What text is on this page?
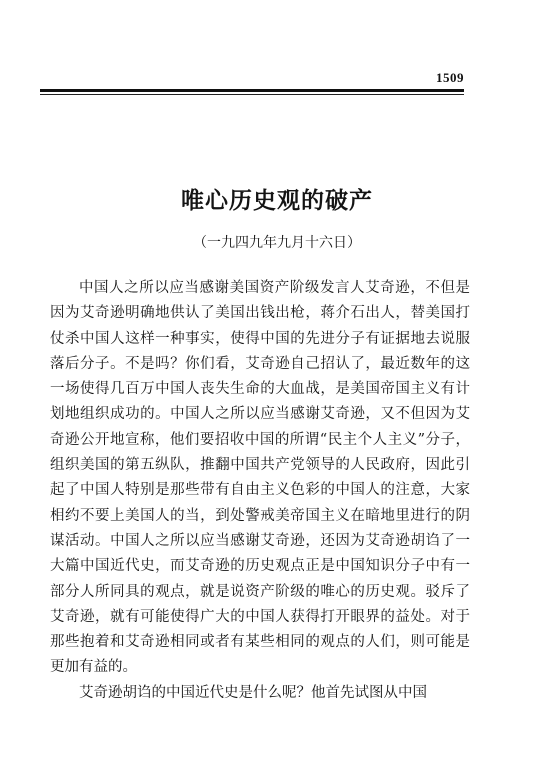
1509
唯心历史观的破产
（一九四九年九月十六日）

中国人之所以应当感谢美国资产阶级发言人艾奇逊，不但是因为艾奇逊明确地供认了美国出钱出枪，蒋介石出人，替美国打仗杀中国人这样一种事实，使得中国的先进分子有证据地去说服落后分子。不是吗？你们看，艾奇逊自己招认了，最近数年的这一场使得几百万中国人丧失生命的大血战，是美国帝国主义有计划地组织成功的。中国人之所以应当感谢艾奇逊，又不但因为艾奇逊公开地宣称，他们要招收中国的所谓“民主个人主义”分子，组织美国的第五纵队，推翻中国共产党领导的人民政府，因此引起了中国人特别是那些带有自由主义色彩的中国人的注意，大家相约不要上美国人的当，到处警戒美帝国主义在暗地里进行的阴谋活动。中国人之所以应当感谢艾奇逊，还因为艾奇逊胡诌了一大篇中国近代史，而艾奇逊的历史观点正是中国知识分子中有一部分人所同具的观点，就是说资产阶级的唯心的历史观。驳斥了艾奇逊，就有可能使得广大的中国人获得打开眼界的益处。对于那些抱着和艾奇逊相同或者有某些相同的观点的人们，则可能是更加有益的。

艾奇逊胡诌的中国近代史是什么呢？他首先试图从中国
